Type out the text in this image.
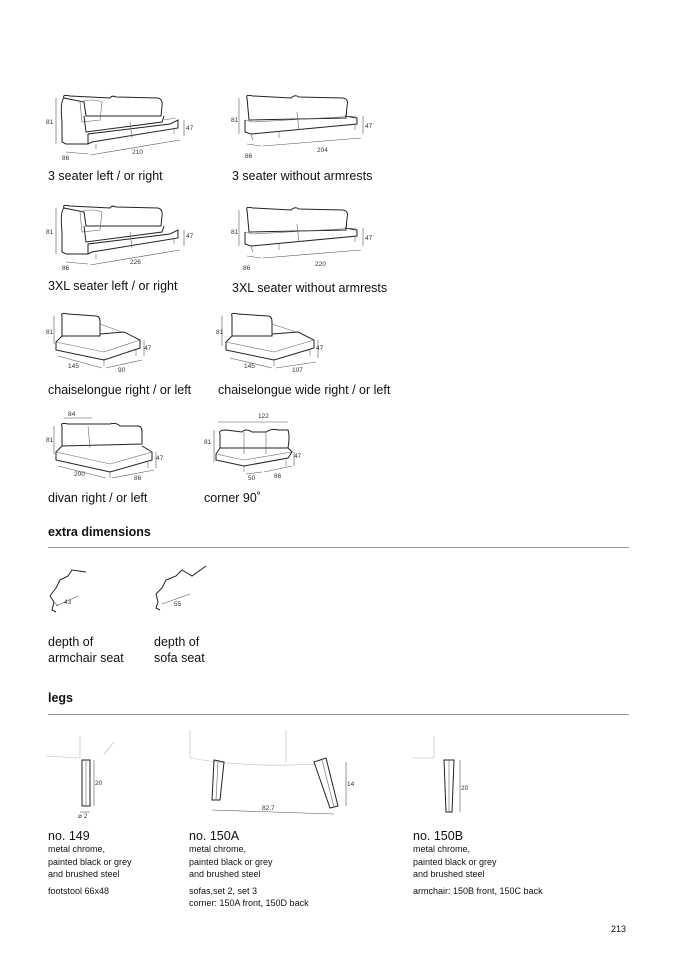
81
47
86
210
3 seater left / or right
81
47
86
204
3 seater without armrests
81
47
86
226
3XL seater left / or right
81
47
86
220
3XL seater without armrests
81
47
145
90
chaiselongue right / or left
81
47
145
107
chaiselongue wide right / or left
84
81
47
200
86
divan right / or left
122
81
47
50	86
corner 90˚
extra dimensions
43	55
depth of
armchair seat
depth of
sofa seat
legs
20
⌀ 2
14
82,7
20
no. 149
metal chrome,
painted black or grey
and brushed steel
footstool 66x48
no. 150A
metal chrome,
painted black or grey
and brushed steel
sofas,set 2, set 3
corner: 150A front, 150D back
no. 150B
metal chrome,
painted black or grey
and brushed steel
armchair: 150B front, 150C back
213
